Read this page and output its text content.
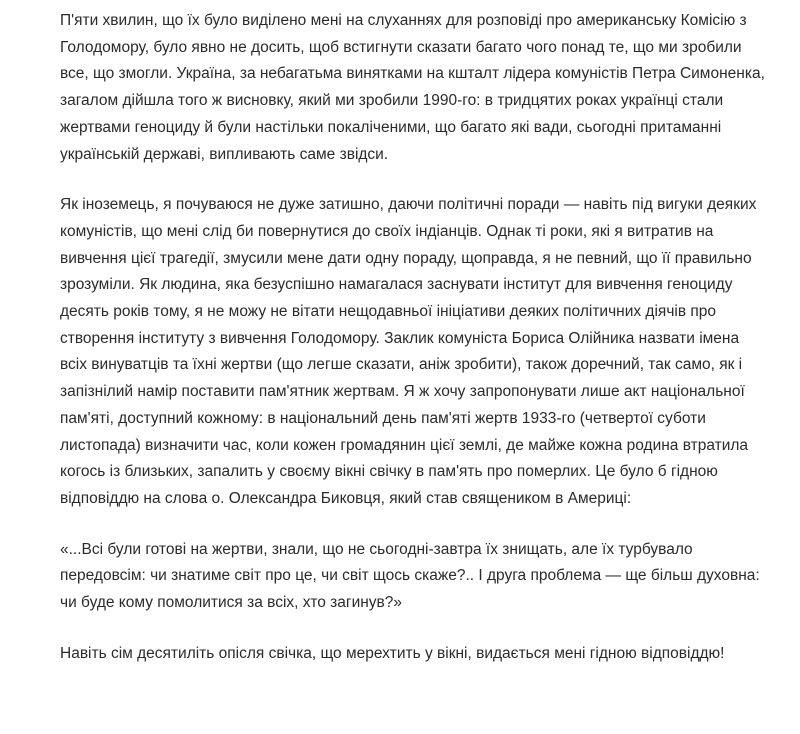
П'яти хвилин, що їх було виділено мені на слуханнях для розповіді про американську Комісію з Голодомору, було явно не досить, щоб встигнути сказати багато чого понад те, що ми зробили все, що змогли. Україна, за небагатьма винятками на кшталт лідера комуністів Петра Симоненка, загалом дійшла того ж висновку, який ми зробили 1990-го: в тридцятих роках українці стали жертвами геноциду й були настільки покаліченими, що багато які вади, сьогодні притаманні українській державі, випливають саме звідси.

Як іноземець, я почуваюся не дуже затишно, даючи політичні поради — навіть під вигуки деяких комуністів, що мені слід би повернутися до своїх індіанців. Однак ті роки, які я витратив на вивчення цієї трагедії, змусили мене дати одну пораду, щоправда, я не певний, що її правильно зрозуміли. Як людина, яка безуспішно намагалася заснувати інститут для вивчення геноциду десять років тому, я не можу не вітати нещодавньої ініціативи деяких політичних діячів про створення інституту з вивчення Голодомору. Заклик комуніста Бориса Олійника назвати імена всіх винуватців та їхні жертви (що легше сказати, аніж зробити), також доречний, так само, як і запізнілий намір поставити пам'ятник жертвам. Я ж хочу запропонувати лише акт національної пам'яті, доступний кожному: в національний день пам'яті жертв 1933-го (четвертої суботи листопада) визначити час, коли кожен громадянин цієї землі, де майже кожна родина втратила когось із близьких, запалить у своєму вікні свічку в пам'ять про померлих. Це було б гідною відповіддю на слова о. Олександра Биковця, який став священиком в Америці:

«...Всі були готові на жертви, знали, що не сьогодні-завтра їх знищать, але їх турбувало передовсім: чи знатиме світ про це, чи світ щось скаже?.. І друга проблема — ще більш духовна: чи буде кому помолитися за всіх, хто загинув?»

Навіть сім десятиліть опісля свічка, що мерехтить у вікні, видається мені гідною відповіддю!
